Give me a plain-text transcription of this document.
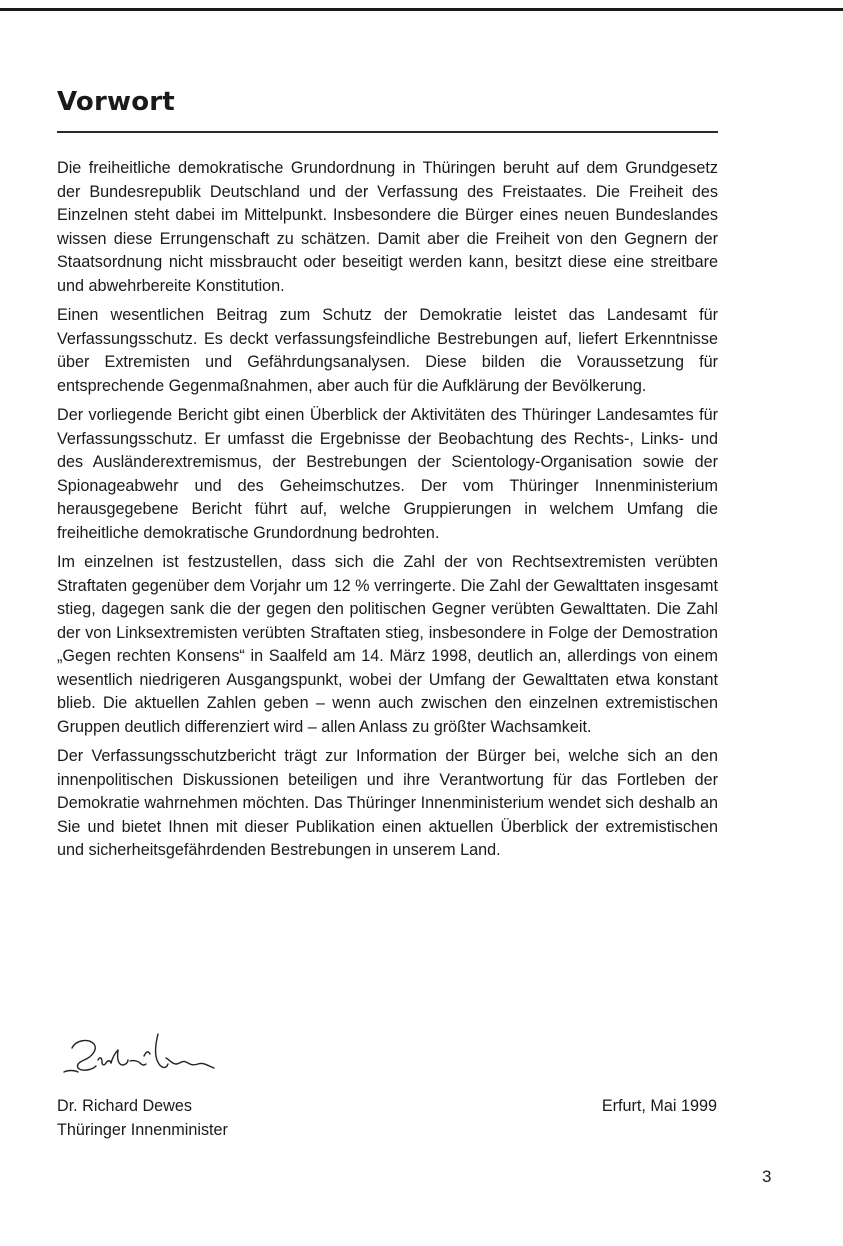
Vorwort

Die freiheitliche demokratische Grundordnung in Thüringen beruht auf dem Grundgesetz der Bundesrepublik Deutschland und der Verfassung des Freistaates. Die Freiheit des Einzelnen steht dabei im Mittelpunkt. Insbesondere die Bürger eines neuen Bundeslandes wissen diese Errungenschaft zu schätzen. Damit aber die Freiheit von den Gegnern der Staatsordnung nicht missbraucht oder beseitigt werden kann, besitzt diese eine streitbare und abwehrbereite Konstitution.

Einen wesentlichen Beitrag zum Schutz der Demokratie leistet das Landesamt für Verfassungsschutz. Es deckt verfassungsfeindliche Bestrebungen auf, liefert Erkenntnisse über Extremisten und Gefährdungsanalysen. Diese bilden die Voraussetzung für entsprechende Gegenmaßnahmen, aber auch für die Aufklärung der Bevölkerung.

Der vorliegende Bericht gibt einen Überblick der Aktivitäten des Thüringer Landesamtes für Verfassungsschutz. Er umfasst die Ergebnisse der Beobachtung des Rechts-, Links- und des Ausländerextremismus, der Bestrebungen der Scientology-Organisation sowie der Spionageabwehr und des Geheimschutzes. Der vom Thüringer Innenministerium herausgegebene Bericht führt auf, welche Gruppierungen in welchem Umfang die freiheitliche demokratische Grundordnung bedrohten.

Im einzelnen ist festzustellen, dass sich die Zahl der von Rechtsextremisten verübten Straftaten gegenüber dem Vorjahr um 12 % verringerte. Die Zahl der Gewalttaten insgesamt stieg, dagegen sank die der gegen den politischen Gegner verübten Gewalttaten. Die Zahl der von Linksextremisten verübten Straftaten stieg, insbesondere in Folge der Demostration „Gegen rechten Konsens“ in Saalfeld am 14. März 1998, deutlich an, allerdings von einem wesentlich niedrigeren Ausgangspunkt, wobei der Umfang der Gewalttaten etwa konstant blieb. Die aktuellen Zahlen geben – wenn auch zwischen den einzelnen extremistischen Gruppen deutlich differenziert wird – allen Anlass zu größter Wachsamkeit.

Der Verfassungsschutzbericht trägt zur Information der Bürger bei, welche sich an den innenpolitischen Diskussionen beteiligen und ihre Verantwortung für das Fortleben der Demokratie wahrnehmen möchten. Das Thüringer Innenministerium wendet sich deshalb an Sie und bietet Ihnen mit dieser Publikation einen aktuellen Überblick der extremistischen und sicherheitsgefährdenden Bestrebungen in unserem Land.

Dr. Richard Dewes
Thüringer Innenminister
Erfurt, Mai 1999
3
